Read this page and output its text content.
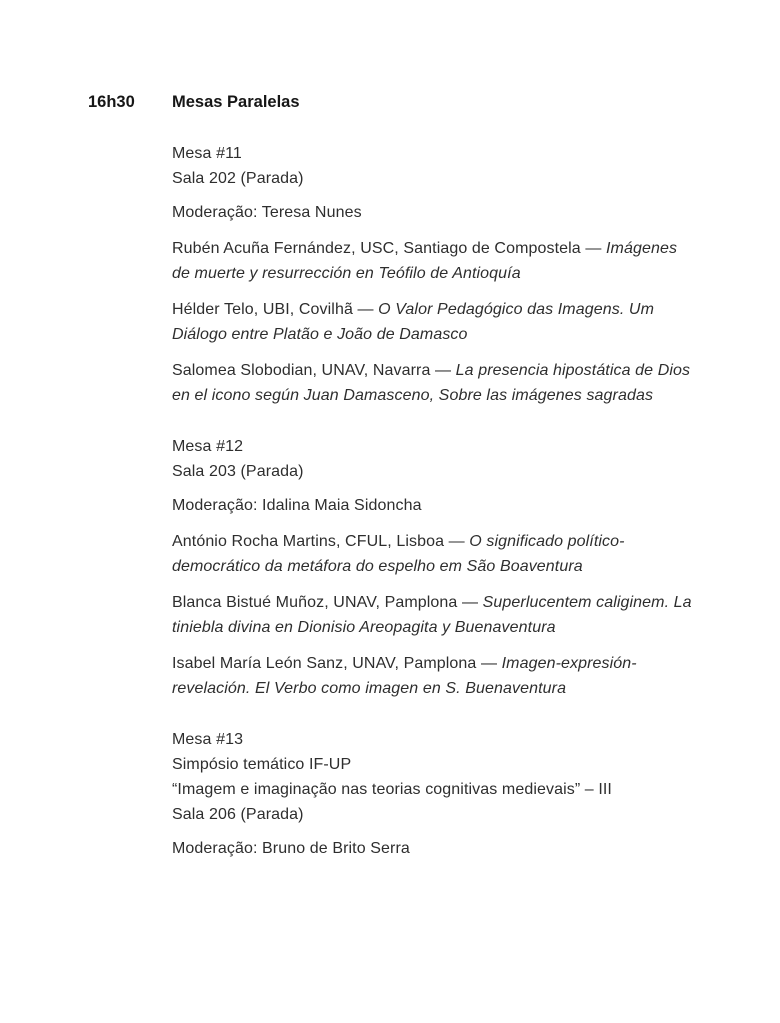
16h30	Mesas Paralelas
Mesa #11
Sala 202 (Parada)

Moderação: Teresa Nunes

Rubén Acuña Fernández, USC, Santiago de Compostela — Imágenes de muerte y resurrección en Teófilo de Antioquía

Hélder Telo, UBI, Covilhã — O Valor Pedagógico das Imagens. Um Diálogo entre Platão e João de Damasco

Salomea Slobodian, UNAV, Navarra — La presencia hipostática de Dios en el icono según Juan Damasceno, Sobre las imágenes sagradas

Mesa #12
Sala 203 (Parada)

Moderação: Idalina Maia Sidoncha

António Rocha Martins, CFUL, Lisboa — O significado político-democrático da metáfora do espelho em São Boaventura

Blanca Bistué Muñoz, UNAV, Pamplona — Superlucentem caliginem. La tiniebla divina en Dionisio Areopagita y Buenaventura

Isabel María León Sanz, UNAV, Pamplona — Imagen-expresión-revelación. El Verbo como imagen en S. Buenaventura

Mesa #13
Simpósio temático IF-UP
“Imagem e imaginação nas teorias cognitivas medievais” – III
Sala 206 (Parada)

Moderação: Bruno de Brito Serra
